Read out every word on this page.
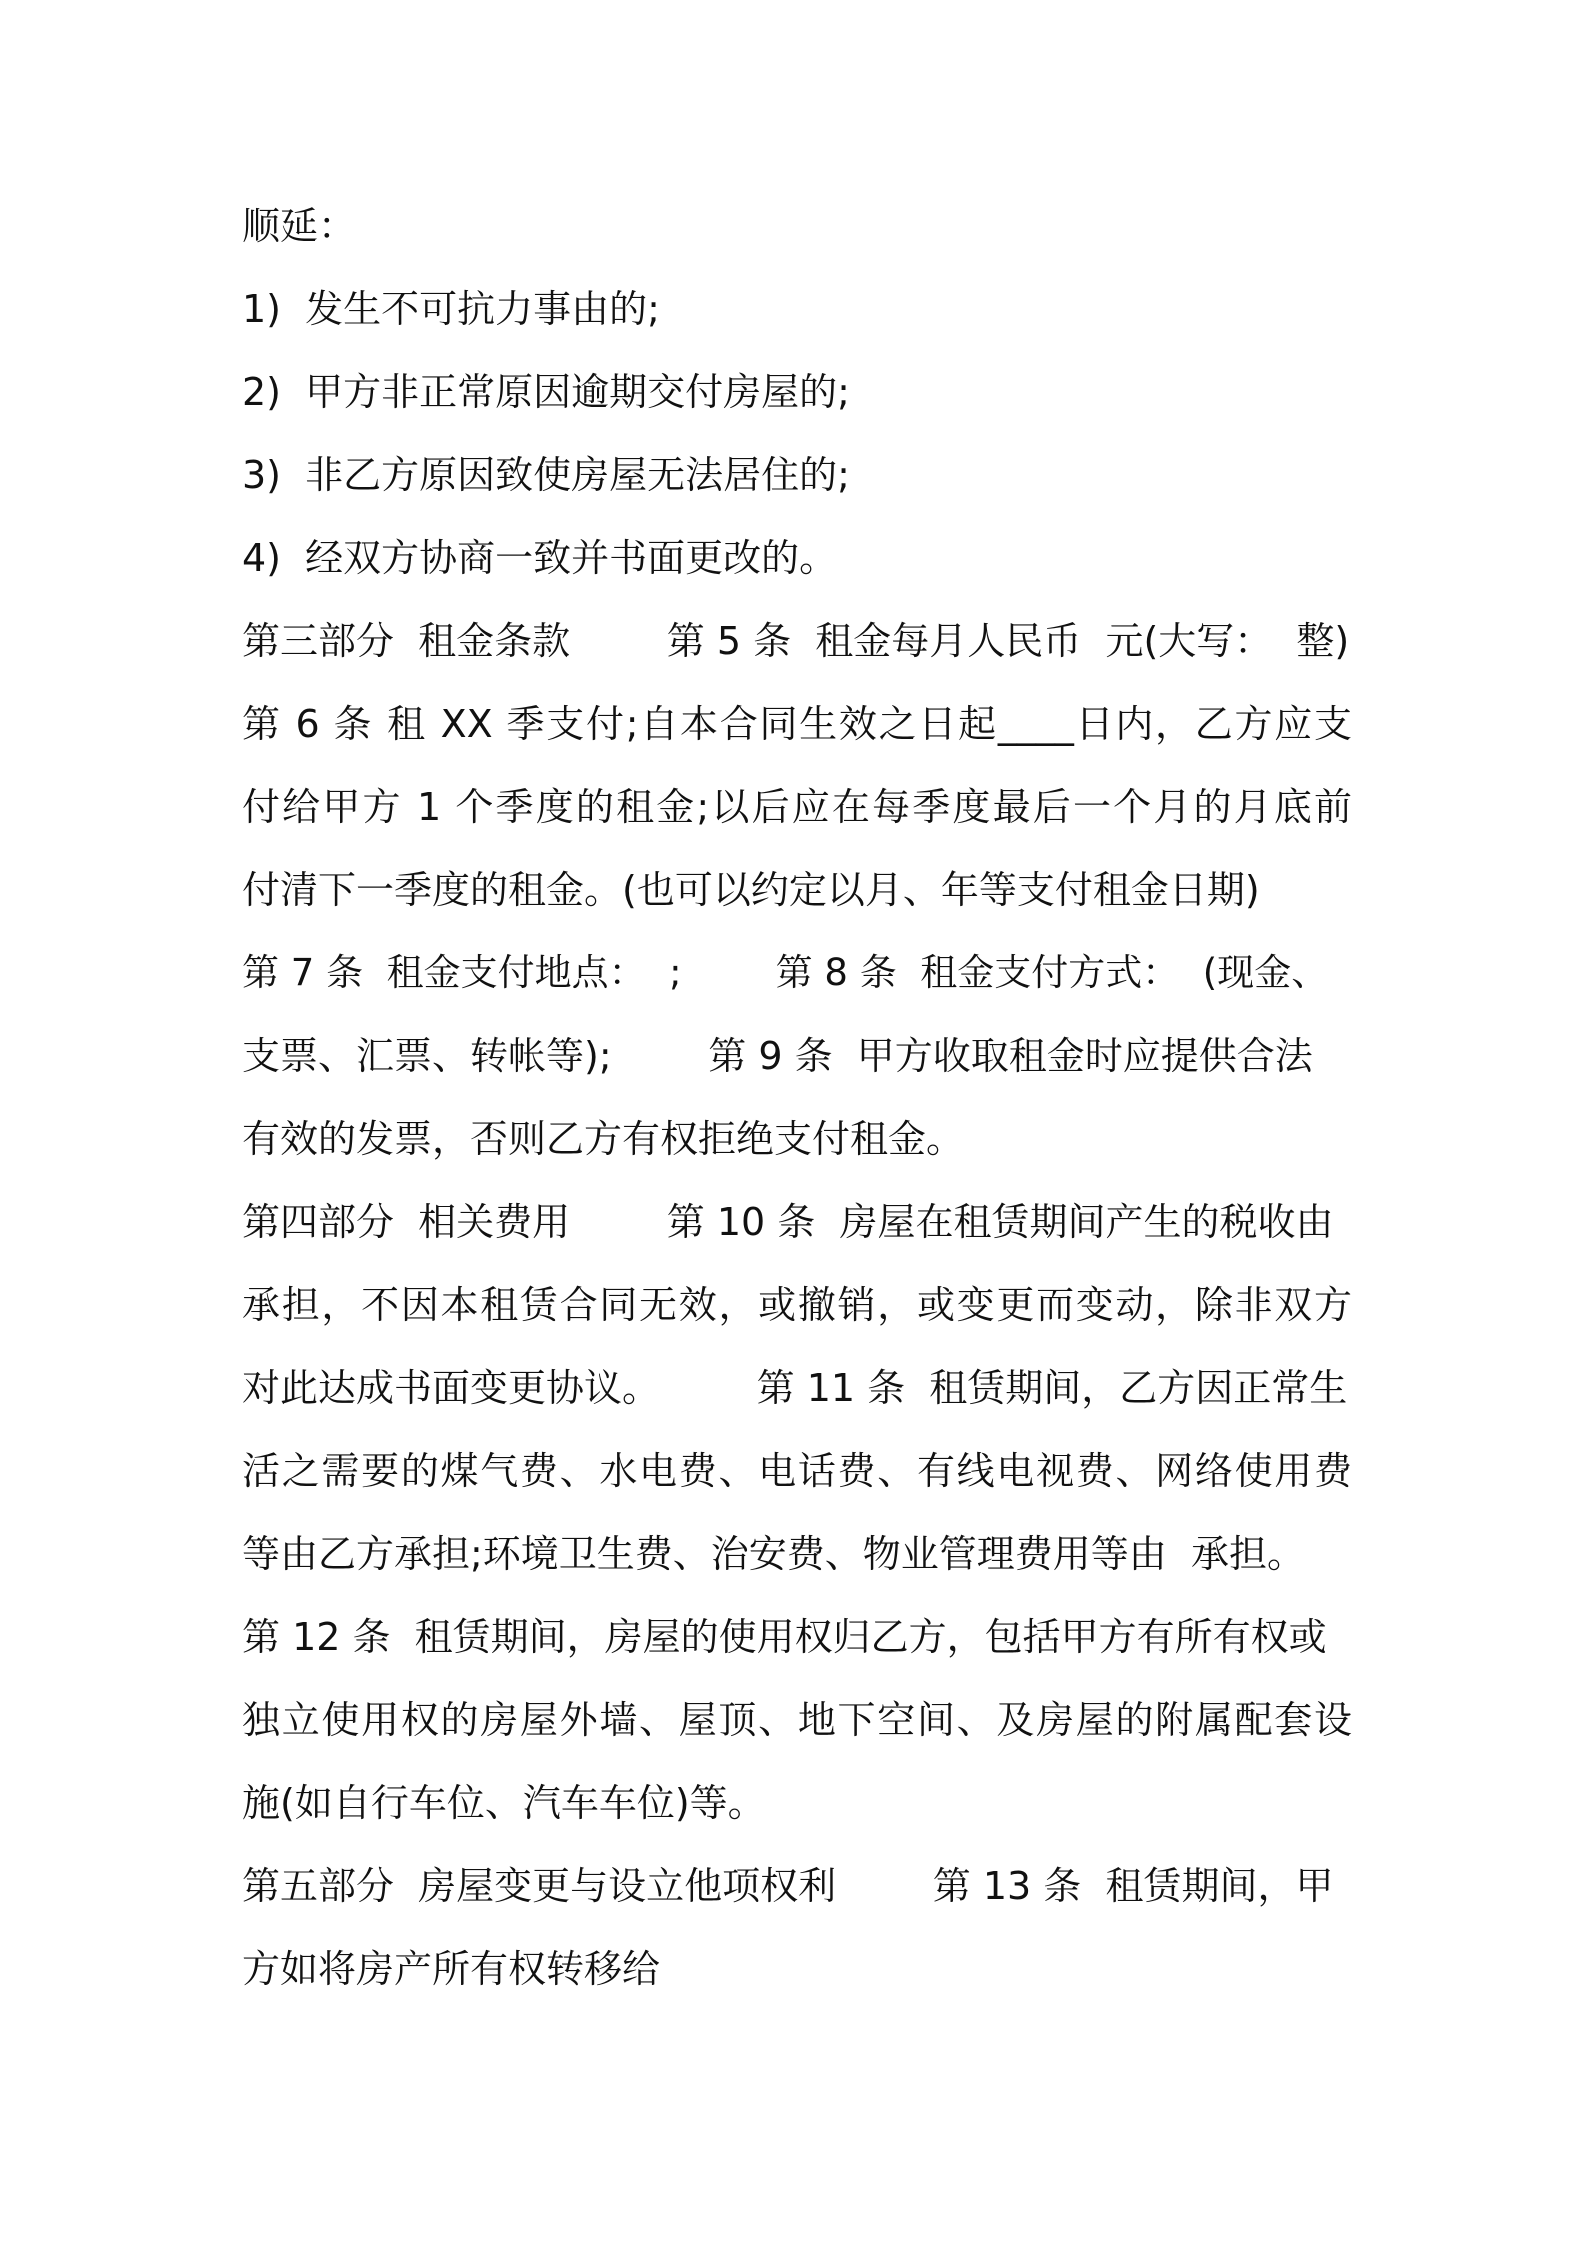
顺延：
1)  发生不可抗力事由的;
2)  甲方非正常原因逾期交付房屋的;
3)  非乙方原因致使房屋无法居住的;
4)  经双方协商一致并书面更改的。
第三部分  租金条款        第 5 条  租金每月人民币  元(大写：  整)
第 6 条 租 XX 季支付;自本合同生效之日起____日内，乙方应支
付给甲方 1 个季度的租金;以后应在每季度最后一个月的月底前
付清下一季度的租金。(也可以约定以月、年等支付租金日期)
第 7 条  租金支付地点：  ;        第 8 条  租金支付方式：  (现金、
支票、汇票、转帐等);        第 9 条  甲方收取租金时应提供合法
有效的发票，否则乙方有权拒绝支付租金。
第四部分  相关费用        第 10 条  房屋在租赁期间产生的税收由
承担，不因本租赁合同无效，或撤销，或变更而变动，除非双方
对此达成书面变更协议。        第 11 条  租赁期间，乙方因正常生
活之需要的煤气费、水电费、电话费、有线电视费、网络使用费
等由乙方承担;环境卫生费、治安费、物业管理费用等由  承担。
第 12 条  租赁期间，房屋的使用权归乙方，包括甲方有所有权或
独立使用权的房屋外墙、屋顶、地下空间、及房屋的附属配套设
施(如自行车位、汽车车位)等。
第五部分  房屋变更与设立他项权利        第 13 条  租赁期间，甲
方如将房产所有权转移给
